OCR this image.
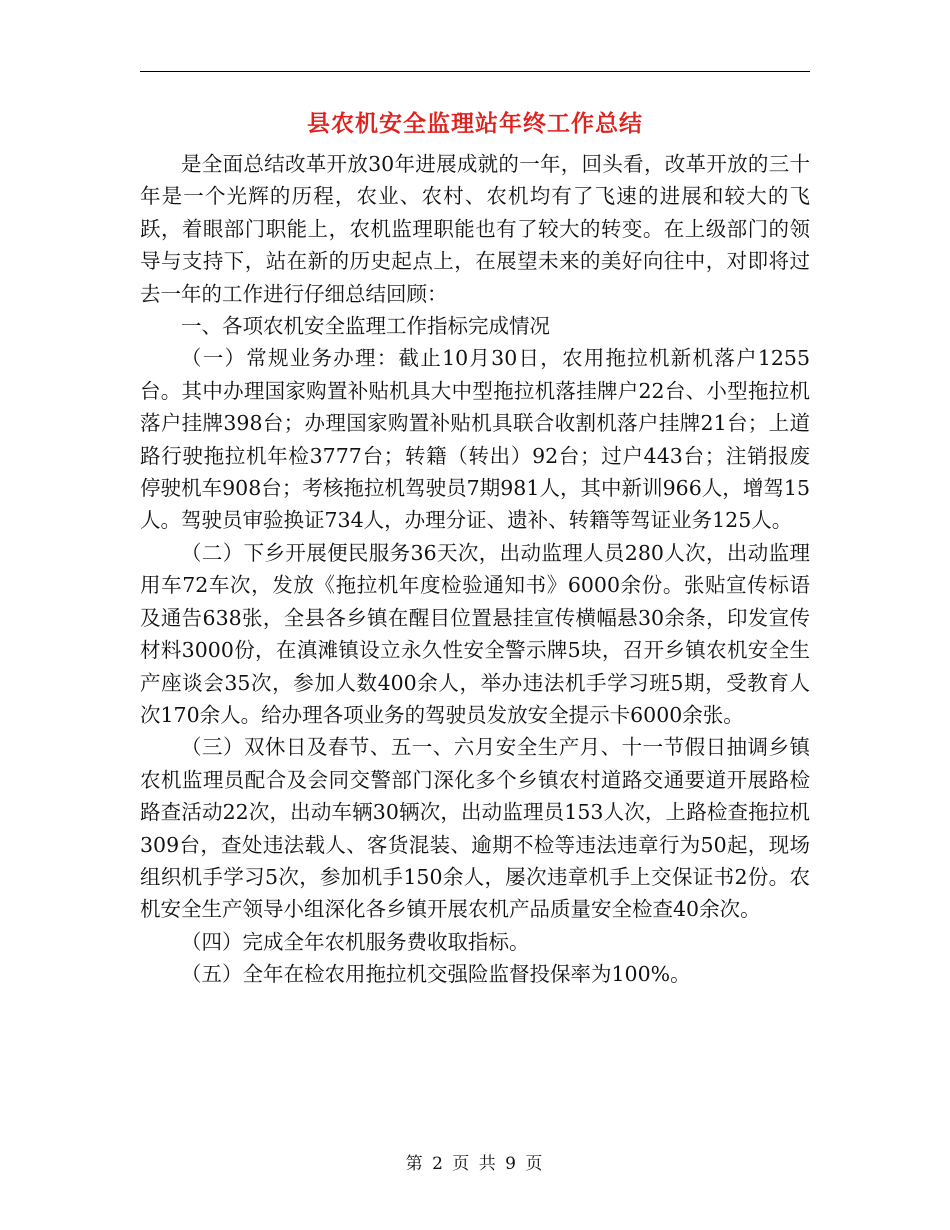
县农机安全监理站年终工作总结

是全面总结改革开放30年进展成就的一年，回头看，改革开放的三十年是一个光辉的历程，农业、农村、农机均有了飞速的进展和较大的飞跃，着眼部门职能上，农机监理职能也有了较大的转变。在上级部门的领导与支持下，站在新的历史起点上，在展望未来的美好向往中，对即将过去一年的工作进行仔细总结回顾：

一、各项农机安全监理工作指标完成情况

（一）常规业务办理：截止10月30日，农用拖拉机新机落户1255台。其中办理国家购置补贴机具大中型拖拉机落挂牌户22台、小型拖拉机落户挂牌398台；办理国家购置补贴机具联合收割机落户挂牌21台；上道路行驶拖拉机年检3777台；转籍（转出）92台；过户443台；注销报废停驶机车908台；考核拖拉机驾驶员7期981人，其中新训966人，增驾15人。驾驶员审验换证734人，办理分证、遗补、转籍等驾证业务125人。

（二）下乡开展便民服务36天次，出动监理人员280人次，出动监理用车72车次，发放《拖拉机年度检验通知书》6000余份。张贴宣传标语及通告638张，全县各乡镇在醒目位置悬挂宣传横幅悬30余条，印发宣传材料3000份，在滇滩镇设立永久性安全警示牌5块，召开乡镇农机安全生产座谈会35次，参加人数400余人，举办违法机手学习班5期，受教育人次170余人。给办理各项业务的驾驶员发放安全提示卡6000余张。

（三）双休日及春节、五一、六月安全生产月、十一节假日抽调乡镇农机监理员配合及会同交警部门深化多个乡镇农村道路交通要道开展路检路查活动22次，出动车辆30辆次，出动监理员153人次，上路检查拖拉机309台，查处违法载人、客货混装、逾期不检等违法违章行为50起，现场组织机手学习5次，参加机手150余人，屡次违章机手上交保证书2份。农机安全生产领导小组深化各乡镇开展农机产品质量安全检查40余次。

（四）完成全年农机服务费收取指标。

（五）全年在检农用拖拉机交强险监督投保率为100%。

第 2 页 共 9 页
